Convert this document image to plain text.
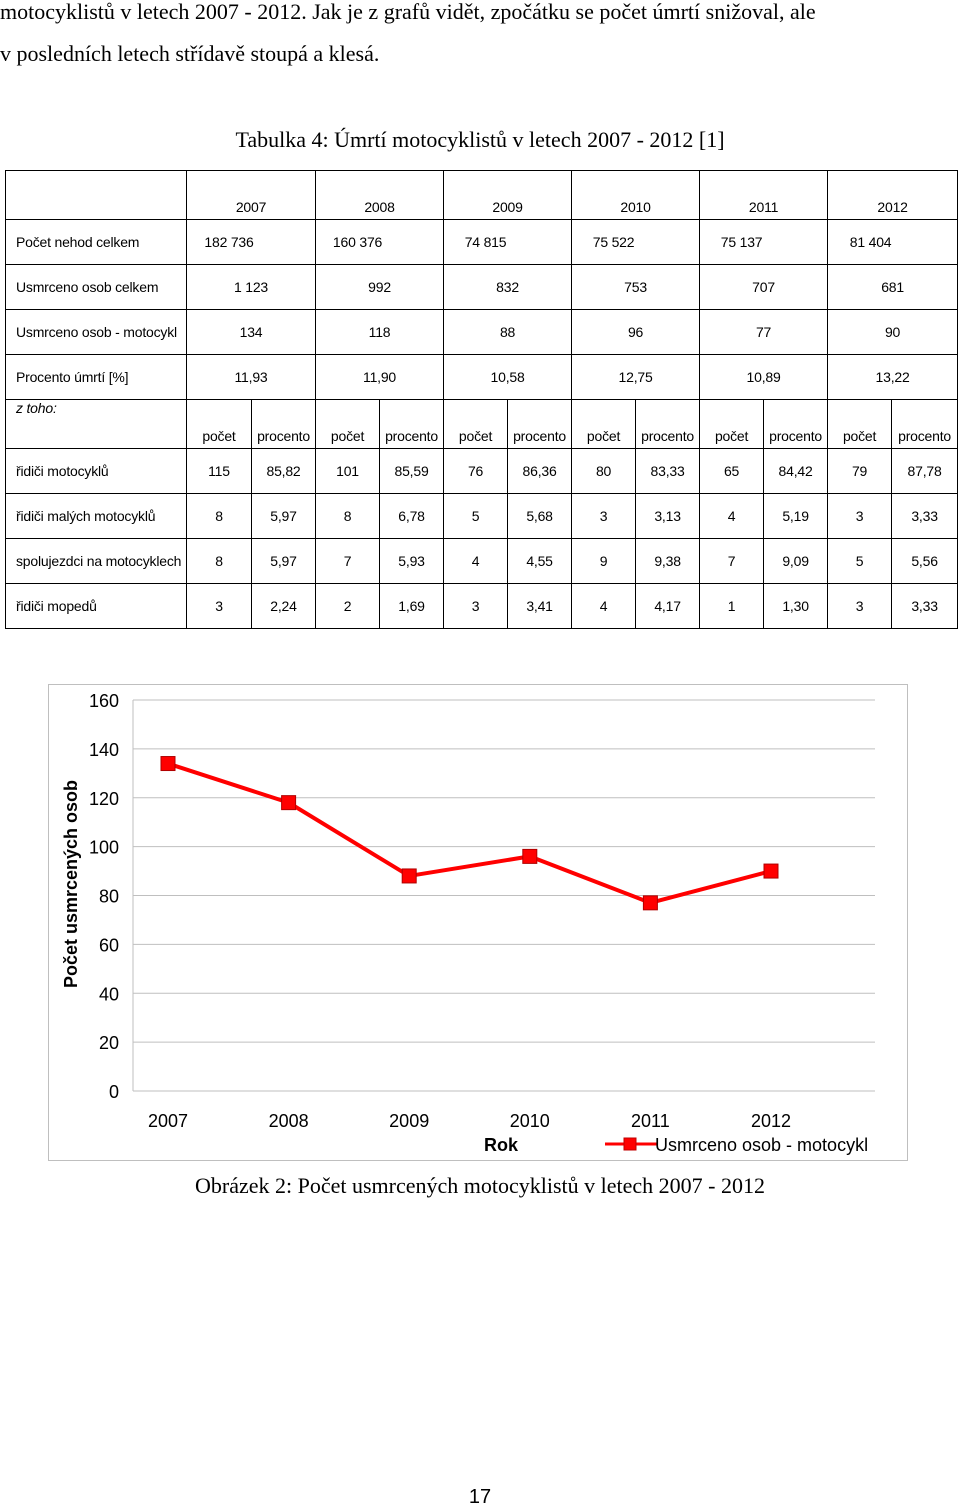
motocyklistů v letech 2007 - 2012. Jak je z grafů vidět, zpočátku se počet úmrtí snižoval, ale

v posledních letech střídavě stoupá a klesá.

Tabulka 4: Úmrtí motocyklistů v letech 2007 - 2012 [1]
	2007		2008		2009		2010		2011		2012	
Počet nehod celkem	182 736		160 376		74 815		75 522		75 137		81 404	
Usmrceno osob celkem	1 123		992		832		753		707		681	
Usmrceno osob - motocykl	134		118		88		96		77		90	
Procento úmrtí [%]	11,93		11,90		10,58		12,75		10,89		13,22	
z toho:	počet	procento	počet	procento	počet	procento	počet	procento	počet	procento	počet	procento
řidiči motocyklů	115	85,82	101	85,59	76	86,36	80	83,33	65	84,42	79	87,78
řidiči malých motocyklů	8	5,97	8	6,78	5	5,68	3	3,13	4	5,19	3	3,33
spolujezdci na motocyklech	8	5,97	7	5,93	4	4,55	9	9,38	7	9,09	5	5,56
řidiči mopedů	3	2,24	2	1,69	3	3,41	4	4,17	1	1,30	3	3,33
0
20
40
60
80
100
120
140
160
2007	2008	2009	2010	2011	2012
Počet usmrcených osob
Rok	Usmrceno osob - motocykl
Obrázek 2: Počet usmrcených motocyklistů v letech 2007 - 2012
17
